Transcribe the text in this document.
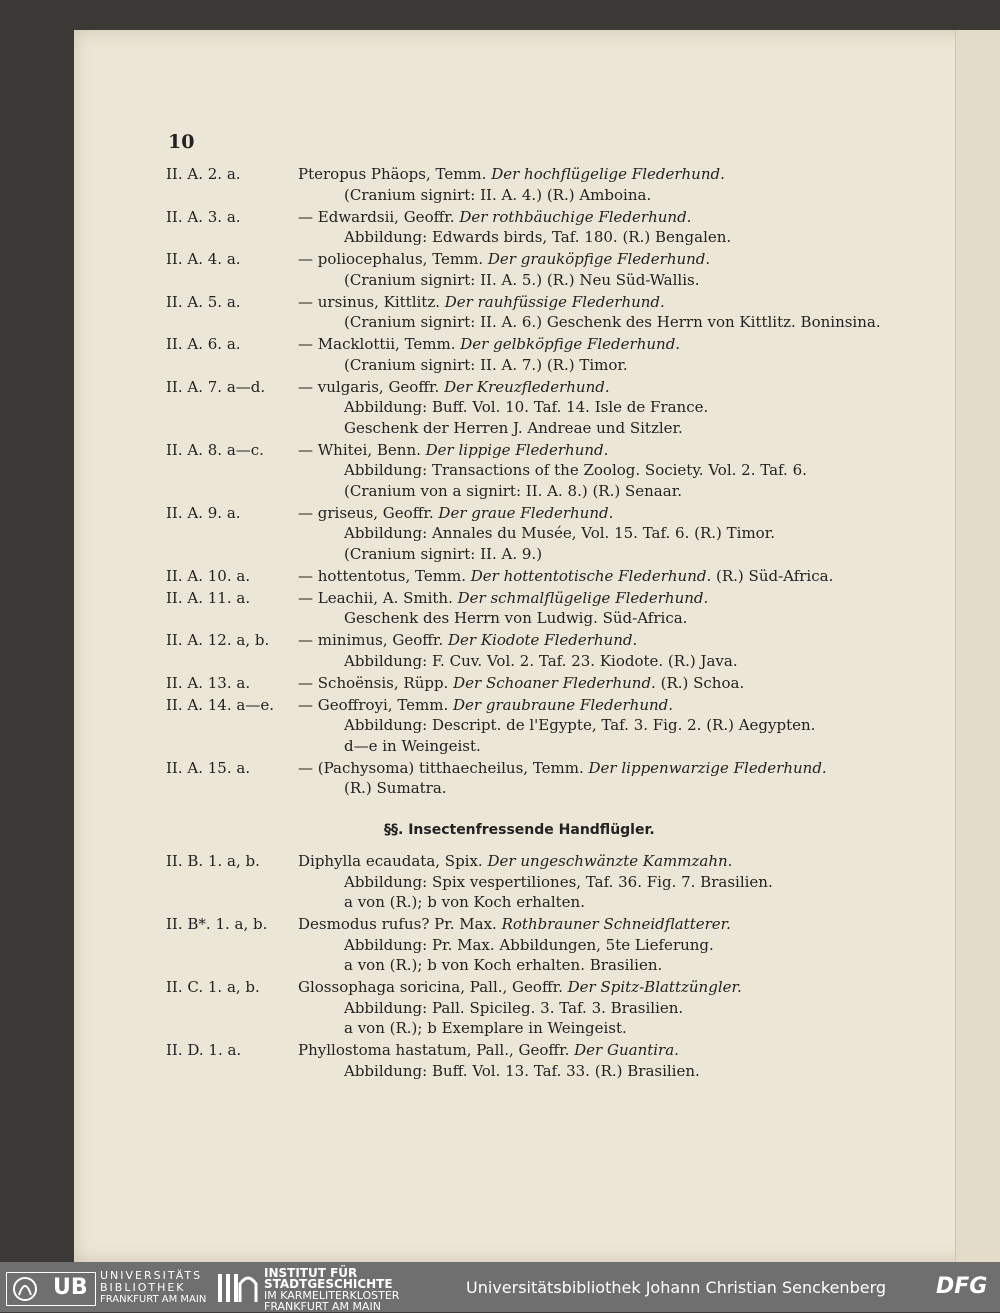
10
II. A. 2. a.	Pteropus Phäops, Temm. Der hochflügelige Flederhund.
(Cranium signirt: II. A. 4.) (R.) Amboina.
II. A. 3. a.	— Edwardsii, Geoffr. Der rothbäuchige Flederhund.
Abbildung: Edwards birds, Taf. 180. (R.) Bengalen.
II. A. 4. a.	— poliocephalus, Temm. Der grauköpfige Flederhund.
(Cranium signirt: II. A. 5.) (R.) Neu Süd-Wallis.
II. A. 5. a.	— ursinus, Kittlitz. Der rauhfüssige Flederhund.
(Cranium signirt: II. A. 6.) Geschenk des Herrn von Kittlitz. Boninsina.
II. A. 6. a.	— Macklottii, Temm. Der gelbköpfige Flederhund.
(Cranium signirt: II. A. 7.) (R.) Timor.
II. A. 7. a—d. — vulgaris, Geoffr. Der Kreuzflederhund.
Abbildung: Buff. Vol. 10. Taf. 14. Isle de France.
Geschenk der Herren J. Andreae und Sitzler.
II. A. 8. a—c. — Whitei, Benn. Der lippige Flederhund.
Abbildung: Transactions of the Zoolog. Society. Vol. 2. Taf. 6.
(Cranium von a signirt: II. A. 8.) (R.) Senaar.
II. A. 9. a.	— griseus, Geoffr. Der graue Flederhund.
Abbildung: Annales du Musée, Vol. 15. Taf. 6. (R.) Timor.
(Cranium signirt: II. A. 9.)
II. A. 10. a.	— hottentotus, Temm. Der hottentotische Flederhund. (R.) Süd-Africa.
II. A. 11. a.	— Leachii, A. Smith. Der schmalflügelige Flederhund.
Geschenk des Herrn von Ludwig. Süd-Africa.
II. A. 12. a, b. — minimus, Geoffr. Der Kiodote Flederhund.
Abbildung: F. Cuv. Vol. 2. Taf. 23. Kiodote. (R.) Java.
II. A. 13. a.	— Schoënsis, Rüpp. Der Schoaner Flederhund. (R.) Schoa.
II. A. 14. a—e. — Geoffroyi, Temm. Der graubraune Flederhund.
Abbildung: Descript. de l'Egypte, Taf. 3. Fig. 2. (R.) Aegypten.
d—e in Weingeist.
II. A. 15. a.	— (Pachysoma) titthaecheilus, Temm. Der lippenwarzige Flederhund.
(R.) Sumatra.
§§. Insectenfressende Handflügler.
II. B. 1. a, b.	Diphylla ecaudata, Spix. Der ungeschwänzte Kammzahn.
Abbildung: Spix vespertiliones, Taf. 36. Fig. 7. Brasilien.
a von (R.); b von Koch erhalten.
II. B*. 1. a, b. Desmodus rufus? Pr. Max. Rothbrauner Schneidflatterer.
Abbildung: Pr. Max. Abbildungen, 5te Lieferung.
a von (R.); b von Koch erhalten. Brasilien.
II. C. 1. a, b.	Glossophaga soricina, Pall., Geoffr. Der Spitz-Blattzüngler.
Abbildung: Pall. Spicileg. 3. Taf. 3. Brasilien.
a von (R.); b Exemplare in Weingeist.
II. D. 1. a.	Phyllostoma hastatum, Pall., Geoffr. Der Guantira.
Abbildung: Buff. Vol. 13. Taf. 33. (R.) Brasilien.
UB UNIVERSITÄTS
BIBLIOTHEK
FRANKFURT AM MAIN
INSTITUT FÜR
STADTGESCHICHTE
IM KARMELITERKLOSTER
FRANKFURT AM MAIN
Universitätsbibliothek Johann Christian Senckenberg DFG
